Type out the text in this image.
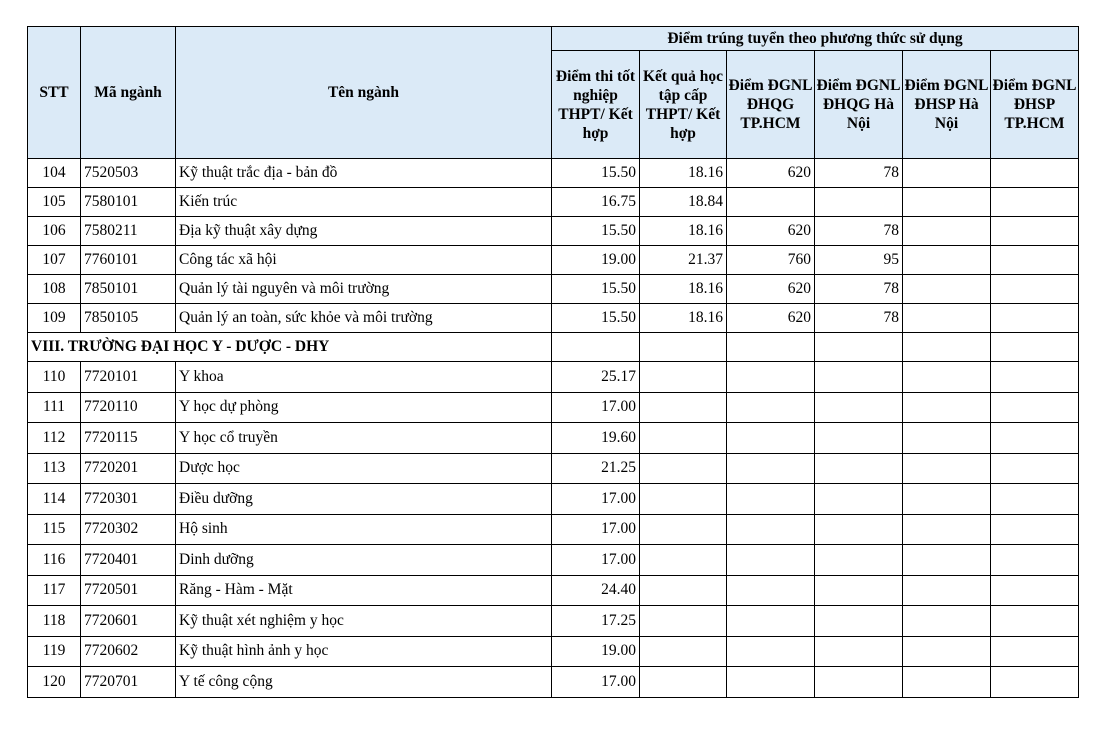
STT	Mã ngành	Tên ngành	Điểm trúng tuyển theo phương thức sử dụng					
			Điểm thi tốt nghiệp THPT/ Kết hợp	Kết quả học tập cấp THPT/ Kết hợp	Điểm ĐGNL ĐHQG TP.HCM	Điểm ĐGNL ĐHQG Hà Nội	Điểm ĐGNL ĐHSP Hà Nội	Điểm ĐGNL ĐHSP TP.HCM
104	7520503	Kỹ thuật trắc địa - bản đồ	15.50	18.16	620	78		
105	7580101	Kiến trúc	16.75	18.84				
106	7580211	Địa kỹ thuật xây dựng	15.50	18.16	620	78		
107	7760101	Công tác xã hội	19.00	21.37	760	95		
108	7850101	Quản lý tài nguyên và môi trường	15.50	18.16	620	78		
109	7850105	Quản lý an toàn, sức khỏe và môi trường	15.50	18.16	620	78		
VIII. TRƯỜNG ĐẠI HỌC Y - DƯỢC - DHY								
110	7720101	Y khoa	25.17					
111	7720110	Y học dự phòng	17.00					
112	7720115	Y học cổ truyền	19.60					
113	7720201	Dược học	21.25					
114	7720301	Điều dưỡng	17.00					
115	7720302	Hộ sinh	17.00					
116	7720401	Dinh dưỡng	17.00					
117	7720501	Răng - Hàm - Mặt	24.40					
118	7720601	Kỹ thuật xét nghiệm y học	17.25					
119	7720602	Kỹ thuật hình ảnh y học	19.00					
120	7720701	Y tế công cộng	17.00					
